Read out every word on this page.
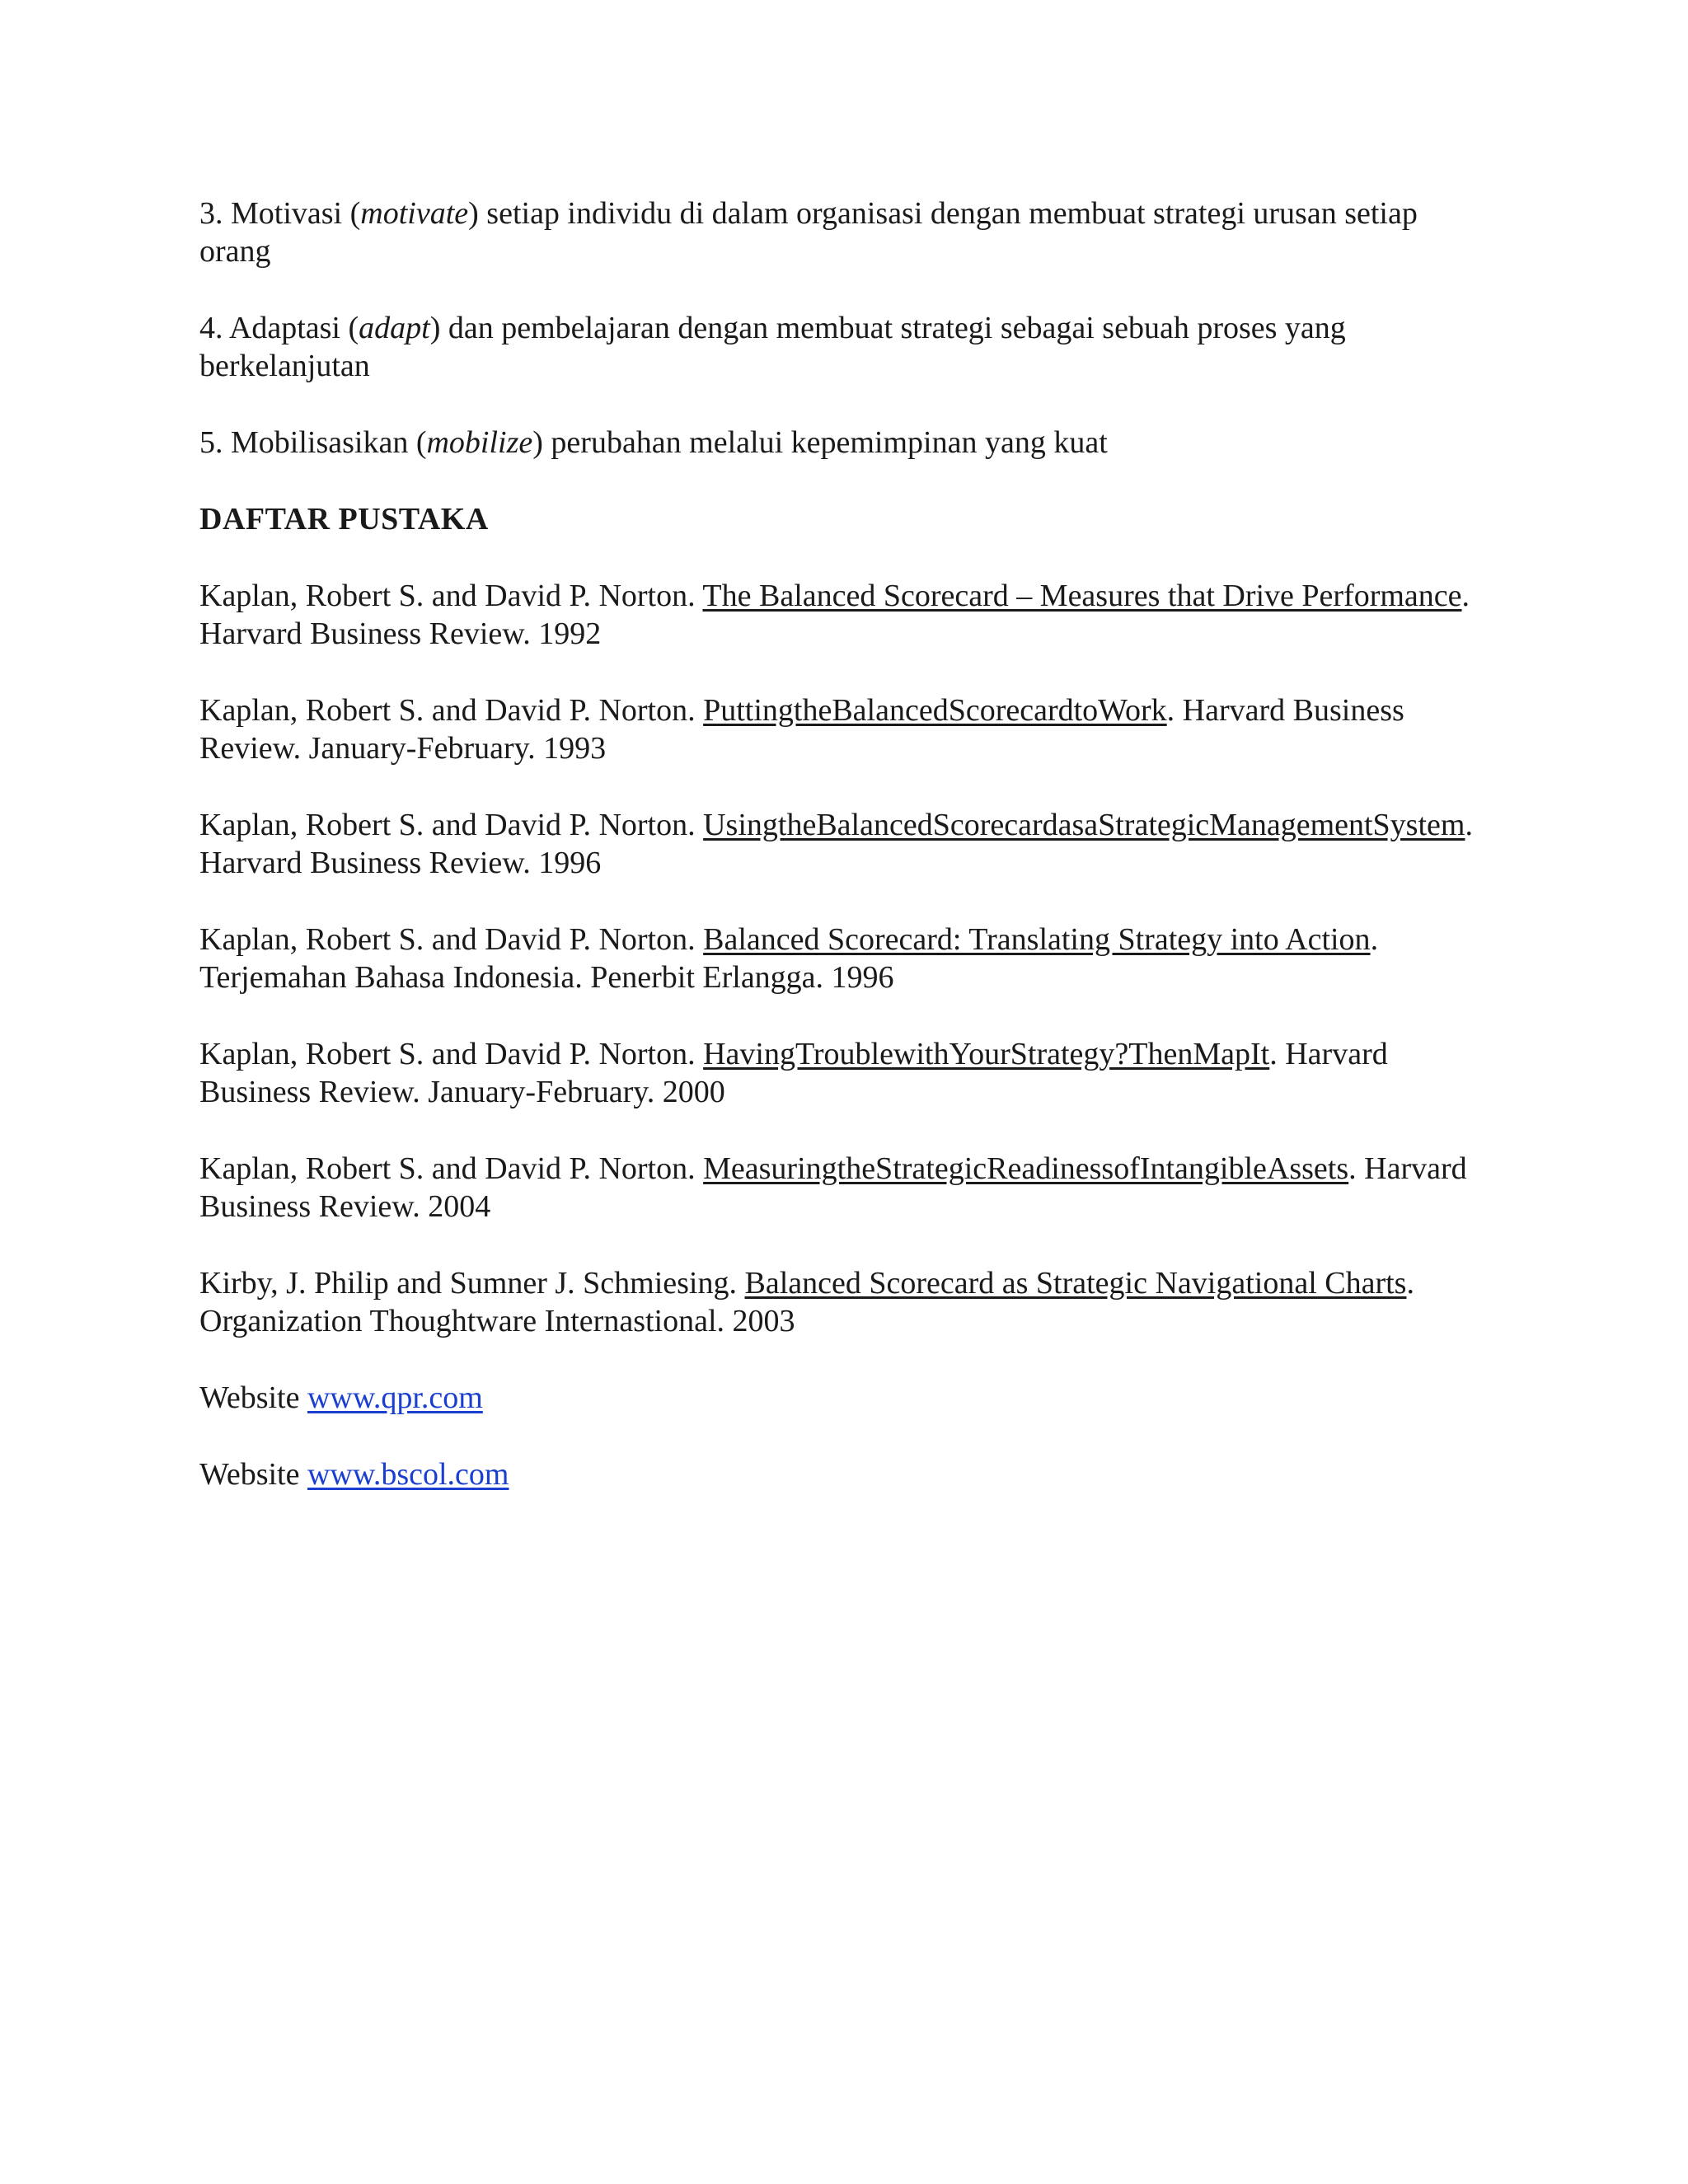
3. Motivasi (motivate) setiap individu di dalam organisasi dengan membuat strategi urusan setiap orang

4. Adaptasi (adapt) dan pembelajaran dengan membuat strategi sebagai sebuah proses yang berkelanjutan

5. Mobilisasikan (mobilize) perubahan melalui kepemimpinan yang kuat

DAFTAR PUSTAKA

Kaplan, Robert S. and David P. Norton. The Balanced Scorecard – Measures that Drive Performance. Harvard Business Review. 1992

Kaplan, Robert S. and David P. Norton. PuttingtheBalancedScorecardtoWork. Harvard Business Review. January-February. 1993

Kaplan, Robert S. and David P. Norton. UsingtheBalancedScorecardasaStrategicManagementSystem. Harvard Business Review. 1996

Kaplan, Robert S. and David P. Norton. Balanced Scorecard: Translating Strategy into Action. Terjemahan Bahasa Indonesia. Penerbit Erlangga. 1996

Kaplan, Robert S. and David P. Norton. HavingTroublewithYourStrategy?ThenMapIt. Harvard Business Review. January-February. 2000

Kaplan, Robert S. and David P. Norton. MeasuringtheStrategicReadinessofIntangibleAssets. Harvard Business Review. 2004

Kirby, J. Philip and Sumner J. Schmiesing. Balanced Scorecard as Strategic Navigational Charts. Organization Thoughtware Internastional. 2003

Website www.qpr.com

Website www.bscol.com
